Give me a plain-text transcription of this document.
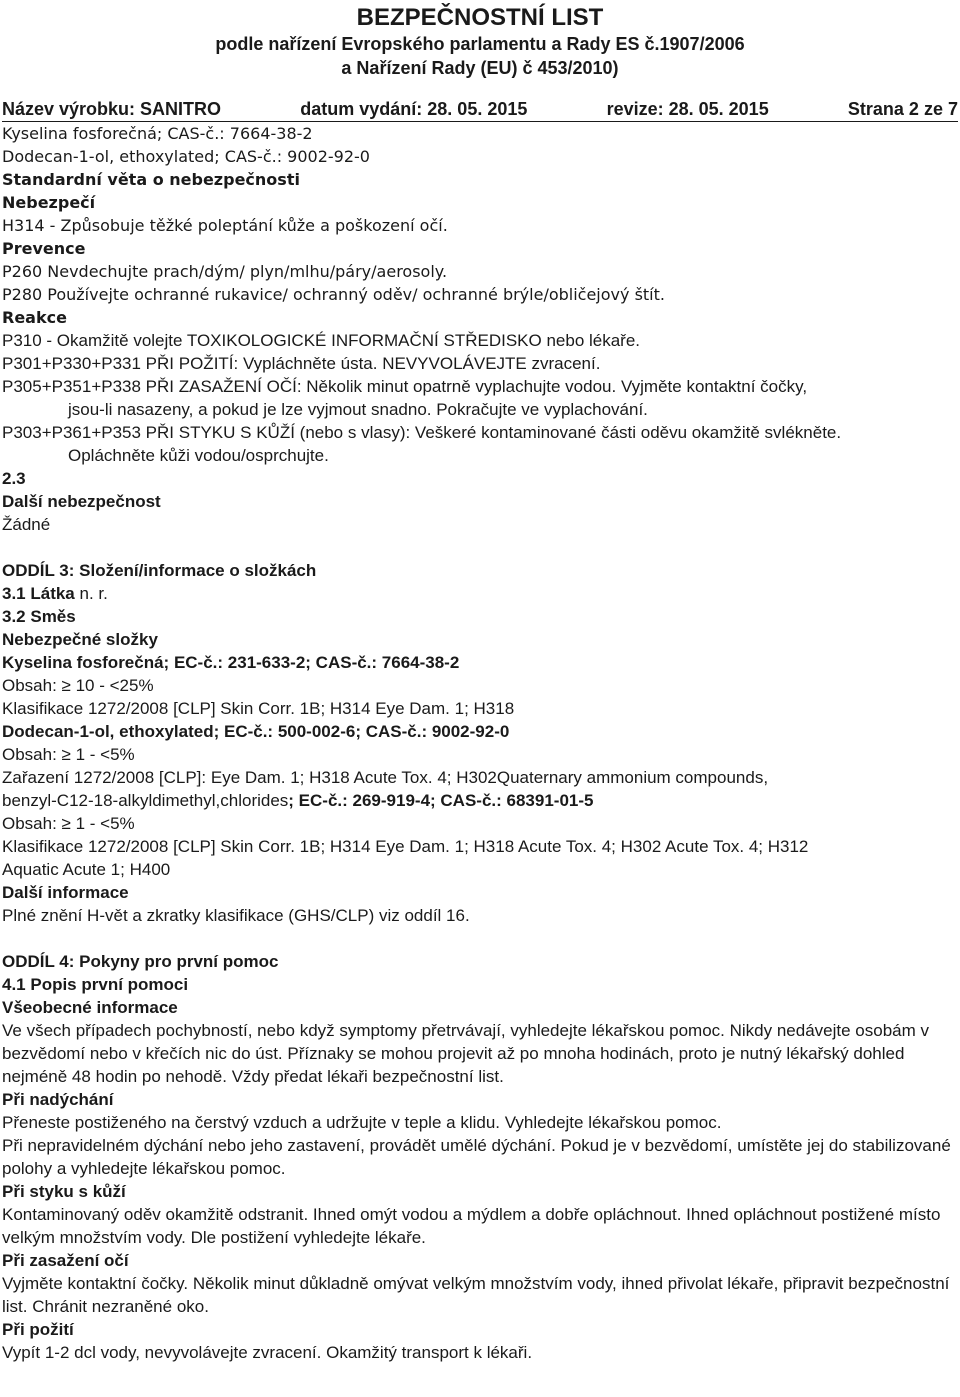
BEZPEČNOSTNÍ LIST
podle nařízení Evropského parlamentu a Rady ES č.1907/2006
a Nařízení Rady (EU) č 453/2010)
Název výrobku: SANITRO	datum vydání: 28. 05. 2015	revize: 28. 05. 2015	Strana 2 ze 7
Kyselina fosforečná; CAS-č.: 7664-38-2
Dodecan-1-ol, ethoxylated; CAS-č.: 9002-92-0
Standardní věta o nebezpečnosti
Nebezpečí
H314 - Způsobuje těžké poleptání kůže a poškození očí.
Prevence
P260 Nevdechujte prach/dým/ plyn/mlhu/páry/aerosoly.
P280 Používejte ochranné rukavice/ ochranný oděv/ ochranné brýle/obličejový štít.
Reakce
P310 - Okamžitě volejte TOXIKOLOGICKÉ INFORMAČNÍ STŘEDISKO nebo lékaře.
P301+P330+P331 PŘI POŽITÍ: Vypláchněte ústa. NEVYVOLÁVEJTE zvracení.
P305+P351+P338 PŘI ZASAŽENÍ OČÍ: Několik minut opatrně vyplachujte vodou. Vyjměte kontaktní čočky,
jsou-li nasazeny, a pokud je lze vyjmout snadno. Pokračujte ve vyplachování.
P303+P361+P353 PŘI STYKU S KŮŽÍ (nebo s vlasy): Veškeré kontaminované části oděvu okamžitě svlékněte.
Opláchněte kůži vodou/osprchujte.
2.3
Další nebezpečnost
Žádné
ODDÍL 3: Složení/informace o složkách
3.1 Látka n. r.
3.2 Směs
Nebezpečné složky
Kyselina fosforečná; EC-č.: 231-633-2; CAS-č.: 7664-38-2
Obsah: ≥ 10 - <25%
Klasifikace 1272/2008 [CLP] Skin Corr. 1B; H314 Eye Dam. 1; H318
Dodecan-1-ol, ethoxylated; EC-č.: 500-002-6; CAS-č.: 9002-92-0
Obsah: ≥ 1 - <5%
Zařazení 1272/2008 [CLP]: Eye Dam. 1; H318 Acute Tox. 4; H302Quaternary ammonium compounds,
benzyl-C12-18-alkyldimethyl,chlorides; EC-č.: 269-919-4; CAS-č.: 68391-01-5
Obsah: ≥ 1 - <5%
Klasifikace 1272/2008 [CLP] Skin Corr. 1B; H314 Eye Dam. 1; H318 Acute Tox. 4; H302 Acute Tox. 4; H312
Aquatic Acute 1; H400
Další informace
Plné znění H-vět a zkratky klasifikace (GHS/CLP) viz oddíl 16.
ODDÍL 4: Pokyny pro první pomoc
4.1 Popis první pomoci
Všeobecné informace
Ve všech případech pochybností, nebo když symptomy přetrvávají, vyhledejte lékařskou pomoc. Nikdy nedávejte osobám v bezvědomí nebo v křečích nic do úst. Příznaky se mohou projevit až po mnoha hodinách, proto je nutný lékařský dohled nejméně 48 hodin po nehodě. Vždy předat lékaři bezpečnostní list.
Při nadýchání
Přeneste postiženého na čerstvý vzduch a udržujte v teple a klidu. Vyhledejte lékařskou pomoc.
Při nepravidelném dýchání nebo jeho zastavení, provádět umělé dýchání. Pokud je v bezvědomí, umístěte jej do stabilizované polohy a vyhledejte lékařskou pomoc.
Při styku s kůží
Kontaminovaný oděv okamžitě odstranit. Ihned omýt vodou a mýdlem a dobře opláchnout. Ihned opláchnout postižené místo velkým množstvím vody. Dle postižení vyhledejte lékaře.
Při zasažení očí
Vyjměte kontaktní čočky. Několik minut důkladně omývat velkým množstvím vody, ihned přivolat lékaře, připravit bezpečnostní list. Chránit nezraněné oko.
Při požití
Vypít 1-2 dcl vody, nevyvolávejte zvracení. Okamžitý transport k lékaři.
